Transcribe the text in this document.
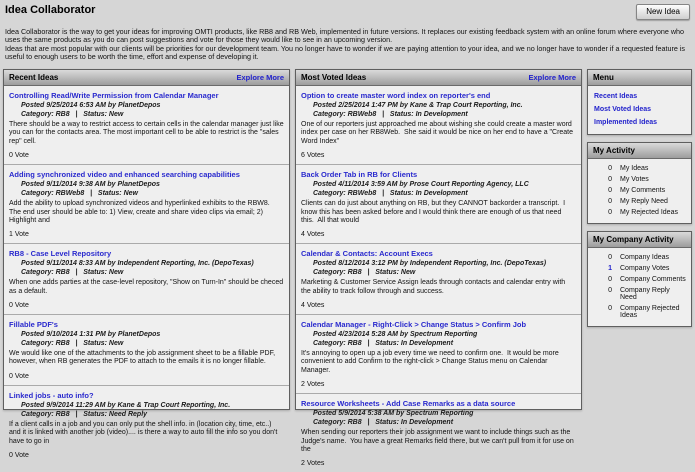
Idea Collaborator	New Idea

Idea Collaborator is the way to get your ideas for improving OMTI products, like RB8 and RB Web, implemented in future versions. It replaces our existing feedback system with an online forum where everyone who uses the same products as you do can post suggestions and vote for those they would like to see in an upcoming version.

Ideas that are most popular with our clients will be priorities for our development team. You no longer have to wonder if we are paying attention to your idea, and we no longer have to wonder if a requested feature is useful to enough users to be worth the time, effort and expense of developing it.

Recent Ideas	Explore More
Controlling Read/Write Permission from Calendar Manager
Posted 9/25/2014 6:53 AM by PlanetDepos
Category: RB8   |   Status: New
There should be a way to restrict access to certain cells in the calendar manager just like you can for the contacts area. The most important cell to be able to restrict is the "sales rep" cell.
0 Vote
Adding synchronized video and enhanced searching capabilities
Posted 9/11/2014 9:38 AM by PlanetDepos
Category: RBWeb8   |   Status: New
Add the ability to upload synchronized videos and hyperlinked exhibits to the RBW8.  The end user should be able to: 1) View, create and share video clips via email; 2) Highlight and
1 Vote
RB8 - Case Level Repository
Posted 9/11/2014 8:33 AM by Independent Reporting, Inc. (DepoTexas)
Category: RB8   |   Status: New
When one adds parties at the case-level repository, "Show on Turn-In" should be checed as a default.
0 Vote
Fillable PDF's
Posted 9/10/2014 1:31 PM by PlanetDepos
Category: RB8   |   Status: New
We would like one of the attachments to the job assignment sheet to be a fillable PDF, however, when RB generates the PDF to attach to the emails it is no longer fillable.
0 Vote
Linked jobs - auto info?
Posted 9/9/2014 11:29 AM by Kane & Trap Court Reporting, Inc.
Category: RB8   |   Status: Need Reply
If a client calls in a job and you can only put the shell info. in (location city, time, etc..) and it is linked with another job (video).... is there a way to auto fill the info so you don't have to go in
0 Vote
Most Voted Ideas	Explore More
Option to create master word index on reporter's end
Posted 2/25/2014 1:47 PM by Kane & Trap Court Reporting, Inc.
Category: RBWeb8   |   Status: In Development
One of our reporters just approached me about wishing she could create a master word index per case on her RB8Web.  She said it would be nice on her end to have a "Create Word Index"
6 Votes
Back Order Tab in RB for Clients
Posted 4/11/2014 3:59 AM by Prose Court Reporting Agency, LLC
Category: RBWeb8   |   Status: In Development
Clients can do just about anything on RB, but they CANNOT backorder a transcript.  I know this has been asked before and I would think there are enough of us that need this.  All that would
4 Votes
Calendar & Contacts: Account Execs
Posted 8/12/2014 3:12 PM by Independent Reporting, Inc. (DepoTexas)
Category: RB8   |   Status: New
Marketing & Customer Service Assign leads through contacts and calendar entry with the ability to track follow through and success.
4 Votes
Calendar Manager - Right-Click > Change Status > Confirm Job
Posted 4/23/2014 5:28 AM by Spectrum Reporting
Category: RB8   |   Status: In Development
It's annoying to open up a job every time we need to confirm one.  It would be more convenient to add Confirm to the right-click > Change Status menu on Calendar Manager.
2 Votes
Resource Worksheets - Add Case Remarks as a data source
Posted 5/9/2014 5:38 AM by Spectrum Reporting
Category: RB8   |   Status: In Development
When sending our reporters their job assignment we want to include things such as the Judge's name.  You have a great Remarks field there, but we can't pull from it for use on the
2 Votes
Menu
Recent Ideas
Most Voted Ideas
Implemented Ideas
My Activity
0 My Ideas
0 My Votes
0 My Comments
0 My Reply Need
0 My Rejected Ideas
My Company Activity
0 Company Ideas
1 Company Votes
0 Company Comments
0 Company Reply Need
0 Company Rejected Ideas
